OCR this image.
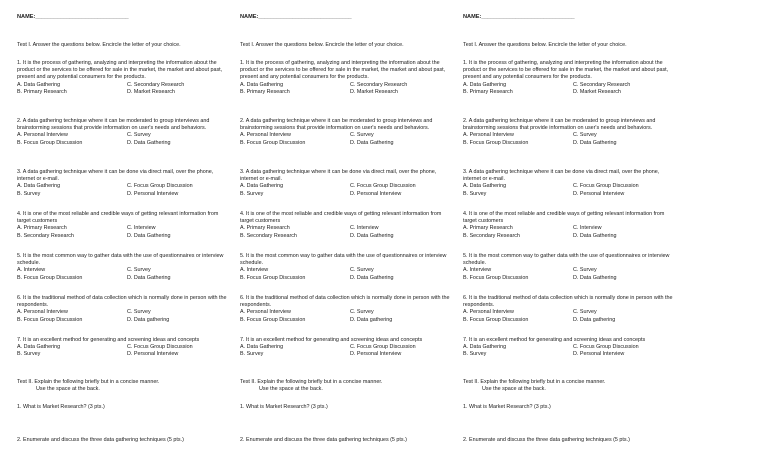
NAME:______________________________
Test I. Answer the questions below. Encircle the letter of your choice.
1. It is the process of gathering, analyzing and interpreting the information about the product or the services to be offered for sale in the market, the market and about past, present and any potential consumers for the products.
A. Data Gathering	C. Secondary Research
B. Primary Research	D. Market Research
2. A data gathering technique where it can be moderated to group interviews and brainstorming sessions that provide information on user's needs and behaviors.
A. Personal Interview	C. Survey
B. Focus Group Discussion	D. Data Gathering
3. A data gathering technique where it can be done via direct mail, over the phone, internet or e-mail.
A. Data Gathering	C. Focus Group Discussion
B. Survey	D. Personal Interview
4. It is one of the most reliable and credible ways of getting relevant information from target customers
A. Primary Research	C. Interview
B. Secondary Research	D. Data Gathering
5. It is the most common way to gather data with the use of questionnaires or interview schedule.
A. Interview	C. Survey
B. Focus Group Discussion	D. Data Gathering
6. It is the traditional method of data collection which is normally done in person with the respondents.
A. Personal Interview	C. Survey
B. Focus Group Discussion	D. Data gathering
7. It is an excellent method for generating and screening ideas and concepts
A. Data Gathering	C. Focus Group Discussion
B. Survey	D. Personal Interview
Test II. Explain the following briefly but in a concise manner.
Use the space at the back.
1. What is Market Research? (3 pts.)
2. Enumerate and discuss the three data gathering techniques (5 pts.)
NAME:______________________________
Test I. Answer the questions below. Encircle the letter of your choice.
1. It is the process of gathering, analyzing and interpreting the information about the product or the services to be offered for sale in the market, the market and about past, present and any potential consumers for the products.
A. Data Gathering	C. Secondary Research
B. Primary Research	D. Market Research
2. A data gathering technique where it can be moderated to group interviews and brainstorming sessions that provide information on user's needs and behaviors.
A. Personal Interview	C. Survey
B. Focus Group Discussion	D. Data Gathering
3. A data gathering technique where it can be done via direct mail, over the phone, internet or e-mail.
A. Data Gathering	C. Focus Group Discussion
B. Survey	D. Personal Interview
4. It is one of the most reliable and credible ways of getting relevant information from target customers
A. Primary Research	C. Interview
B. Secondary Research	D. Data Gathering
5. It is the most common way to gather data with the use of questionnaires or interview schedule.
A. Interview	C. Survey
B. Focus Group Discussion	D. Data Gathering
6. It is the traditional method of data collection which is normally done in person with the respondents.
A. Personal Interview	C. Survey
B. Focus Group Discussion	D. Data gathering
7. It is an excellent method for generating and screening ideas and concepts
A. Data Gathering	C. Focus Group Discussion
B. Survey	D. Personal Interview
Test II. Explain the following briefly but in a concise manner.
Use the space at the back.
1. What is Market Research? (3 pts.)
2. Enumerate and discuss the three data gathering techniques (5 pts.)
NAME:______________________________
Test I. Answer the questions below. Encircle the letter of your choice.
1. It is the process of gathering, analyzing and interpreting the information about the product or the services to be offered for sale in the market, the market and about past, present and any potential consumers for the products.
A. Data Gathering	C. Secondary Research
B. Primary Research	D. Market Research
2. A data gathering technique where it can be moderated to group interviews and brainstorming sessions that provide information on user's needs and behaviors.
A. Personal Interview	C. Survey
B. Focus Group Discussion	D. Data Gathering
3. A data gathering technique where it can be done via direct mail, over the phone, internet or e-mail.
A. Data Gathering	C. Focus Group Discussion
B. Survey	D. Personal Interview
4. It is one of the most reliable and credible ways of getting relevant information from target customers
A. Primary Research	C. Interview
B. Secondary Research	D. Data Gathering
5. It is the most common way to gather data with the use of questionnaires or interview schedule.
A. Interview	C. Survey
B. Focus Group Discussion	D. Data Gathering
6. It is the traditional method of data collection which is normally done in person with the respondents.
A. Personal Interview	C. Survey
B. Focus Group Discussion	D. Data gathering
7. It is an excellent method for generating and screening ideas and concepts
A. Data Gathering	C. Focus Group Discussion
B. Survey	D. Personal Interview
Test II. Explain the following briefly but in a concise manner.
Use the space at the back.
1. What is Market Research? (3 pts.)
2. Enumerate and discuss the three data gathering techniques (5 pts.)
